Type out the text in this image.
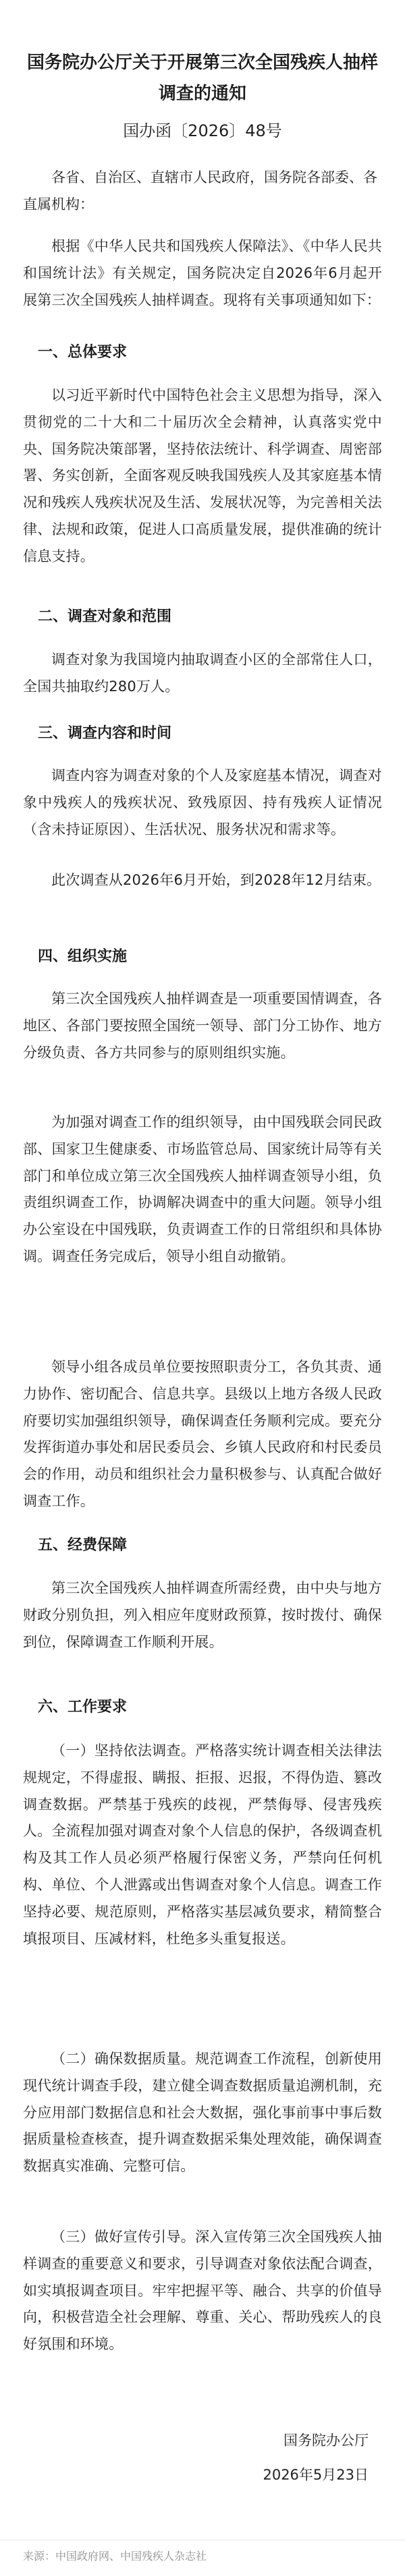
国务院办公厅关于开展第三次全国残疾人抽样调查的通知
国办函〔2026〕48号
各省、自治区、直辖市人民政府，国务院各部委、各直属机构：
根据《中华人民共和国残疾人保障法》、《中华人民共和国统计法》有关规定，国务院决定自2026年6月起开展第三次全国残疾人抽样调查。现将有关事项通知如下：
一、总体要求
以习近平新时代中国特色社会主义思想为指导，深入贯彻党的二十大和二十届历次全会精神，认真落实党中央、国务院决策部署，坚持依法统计、科学调查、周密部署、务实创新，全面客观反映我国残疾人及其家庭基本情况和残疾人残疾状况及生活、发展状况等，为完善相关法律、法规和政策，促进人口高质量发展，提供准确的统计信息支持。
二、调查对象和范围
调查对象为我国境内抽取调查小区的全部常住人口，全国共抽取约280万人。
三、调查内容和时间
调查内容为调查对象的个人及家庭基本情况，调查对象中残疾人的残疾状况、致残原因、持有残疾人证情况（含未持证原因）、生活状况、服务状况和需求等。
此次调查从2026年6月开始，到2028年12月结束。
四、组织实施
第三次全国残疾人抽样调查是一项重要国情调查，各地区、各部门要按照全国统一领导、部门分工协作、地方分级负责、各方共同参与的原则组织实施。
为加强对调查工作的组织领导，由中国残联会同民政部、国家卫生健康委、市场监管总局、国家统计局等有关部门和单位成立第三次全国残疾人抽样调查领导小组，负责组织调查工作，协调解决调查中的重大问题。领导小组办公室设在中国残联，负责调查工作的日常组织和具体协调。调查任务完成后，领导小组自动撤销。
领导小组各成员单位要按照职责分工，各负其责、通力协作、密切配合、信息共享。县级以上地方各级人民政府要切实加强组织领导，确保调查任务顺利完成。要充分发挥街道办事处和居民委员会、乡镇人民政府和村民委员会的作用，动员和组织社会力量积极参与、认真配合做好调查工作。
五、经费保障
第三次全国残疾人抽样调查所需经费，由中央与地方财政分别负担，列入相应年度财政预算，按时拨付、确保到位，保障调查工作顺利开展。
六、工作要求
（一）坚持依法调查。严格落实统计调查相关法律法规规定，不得虚报、瞒报、拒报、迟报，不得伪造、篡改调查数据。严禁基于残疾的歧视，严禁侮辱、侵害残疾人。全流程加强对调查对象个人信息的保护，各级调查机构及其工作人员必须严格履行保密义务，严禁向任何机构、单位、个人泄露或出售调查对象个人信息。调查工作坚持必要、规范原则，严格落实基层减负要求，精简整合填报项目、压减材料，杜绝多头重复报送。
（二）确保数据质量。规范调查工作流程，创新使用现代统计调查手段，建立健全调查数据质量追溯机制，充分应用部门数据信息和社会大数据，强化事前事中事后数据质量检查核查，提升调查数据采集处理效能，确保调查数据真实准确、完整可信。
（三）做好宣传引导。深入宣传第三次全国残疾人抽样调查的重要意义和要求，引导调查对象依法配合调查，如实填报调查项目。牢牢把握平等、融合、共享的价值导向，积极营造全社会理解、尊重、关心、帮助残疾人的良好氛围和环境。
国务院办公厅
2026年5月23日
来源：中国政府网、中国残疾人杂志社
